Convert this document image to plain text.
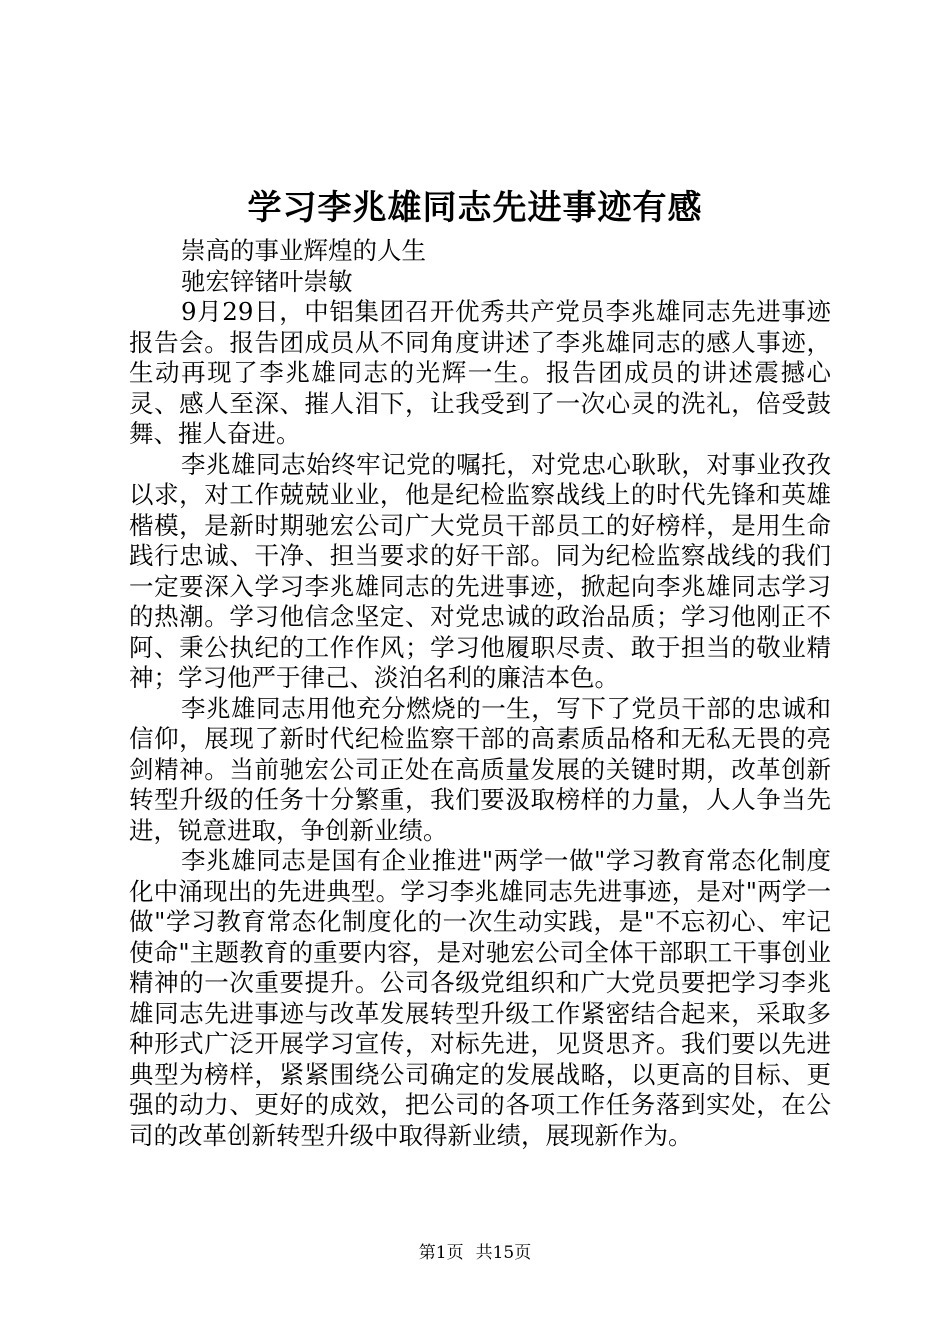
学习李兆雄同志先进事迹有感

崇高的事业辉煌的人生

驰宏锌锗叶崇敏

9月29日，中铝集团召开优秀共产党员李兆雄同志先进事迹报告会。报告团成员从不同角度讲述了李兆雄同志的感人事迹，生动再现了李兆雄同志的光辉一生。报告团成员的讲述震撼心灵、感人至深、摧人泪下，让我受到了一次心灵的洗礼，倍受鼓舞、摧人奋进。

李兆雄同志始终牢记党的嘱托，对党忠心耿耿，对事业孜孜以求，对工作兢兢业业，他是纪检监察战线上的时代先锋和英雄楷模，是新时期驰宏公司广大党员干部员工的好榜样，是用生命践行忠诚、干净、担当要求的好干部。同为纪检监察战线的我们一定要深入学习李兆雄同志的先进事迹，掀起向李兆雄同志学习的热潮。学习他信念坚定、对党忠诚的政治品质；学习他刚正不阿、秉公执纪的工作作风；学习他履职尽责、敢于担当的敬业精神；学习他严于律己、淡泊名利的廉洁本色。

李兆雄同志用他充分燃烧的一生，写下了党员干部的忠诚和信仰，展现了新时代纪检监察干部的高素质品格和无私无畏的亮剑精神。当前驰宏公司正处在高质量发展的关键时期，改革创新转型升级的任务十分繁重，我们要汲取榜样的力量，人人争当先进，锐意进取，争创新业绩。

李兆雄同志是国有企业推进"两学一做"学习教育常态化制度化中涌现出的先进典型。学习李兆雄同志先进事迹，是对"两学一做"学习教育常态化制度化的一次生动实践，是"不忘初心、牢记使命"主题教育的重要内容，是对驰宏公司全体干部职工干事创业精神的一次重要提升。公司各级党组织和广大党员要把学习李兆雄同志先进事迹与改革发展转型升级工作紧密结合起来，采取多种形式广泛开展学习宣传，对标先进，见贤思齐。我们要以先进典型为榜样，紧紧围绕公司确定的发展战略，以更高的目标、更强的动力、更好的成效，把公司的各项工作任务落到实处，在公司的改革创新转型升级中取得新业绩，展现新作为。

第1页 共15页
